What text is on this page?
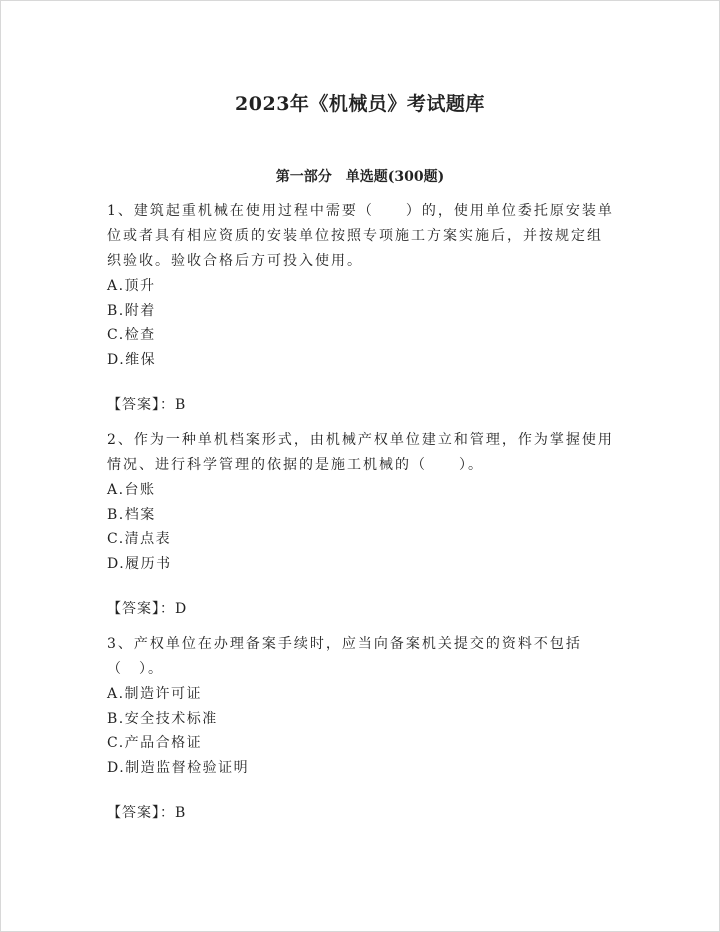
2023年《机械员》考试题库
第一部分　单选题(300题)

1、建筑起重机械在使用过程中需要（　　）的，使用单位委托原安装单位或者具有相应资质的安装单位按照专项施工方案实施后，并按规定组织验收。验收合格后方可投入使用。

A.顶升

B.附着

C.检查

D.维保

【答案】：B

2、作为一种单机档案形式，由机械产权单位建立和管理，作为掌握使用情况、进行科学管理的依据的是施工机械的（　　）。

A.台账

B.档案

C.清点表

D.履历书

【答案】：D

3、产权单位在办理备案手续时，应当向备案机关提交的资料不包括（　）。

A.制造许可证

B.安全技术标准

C.产品合格证

D.制造监督检验证明

【答案】：B
